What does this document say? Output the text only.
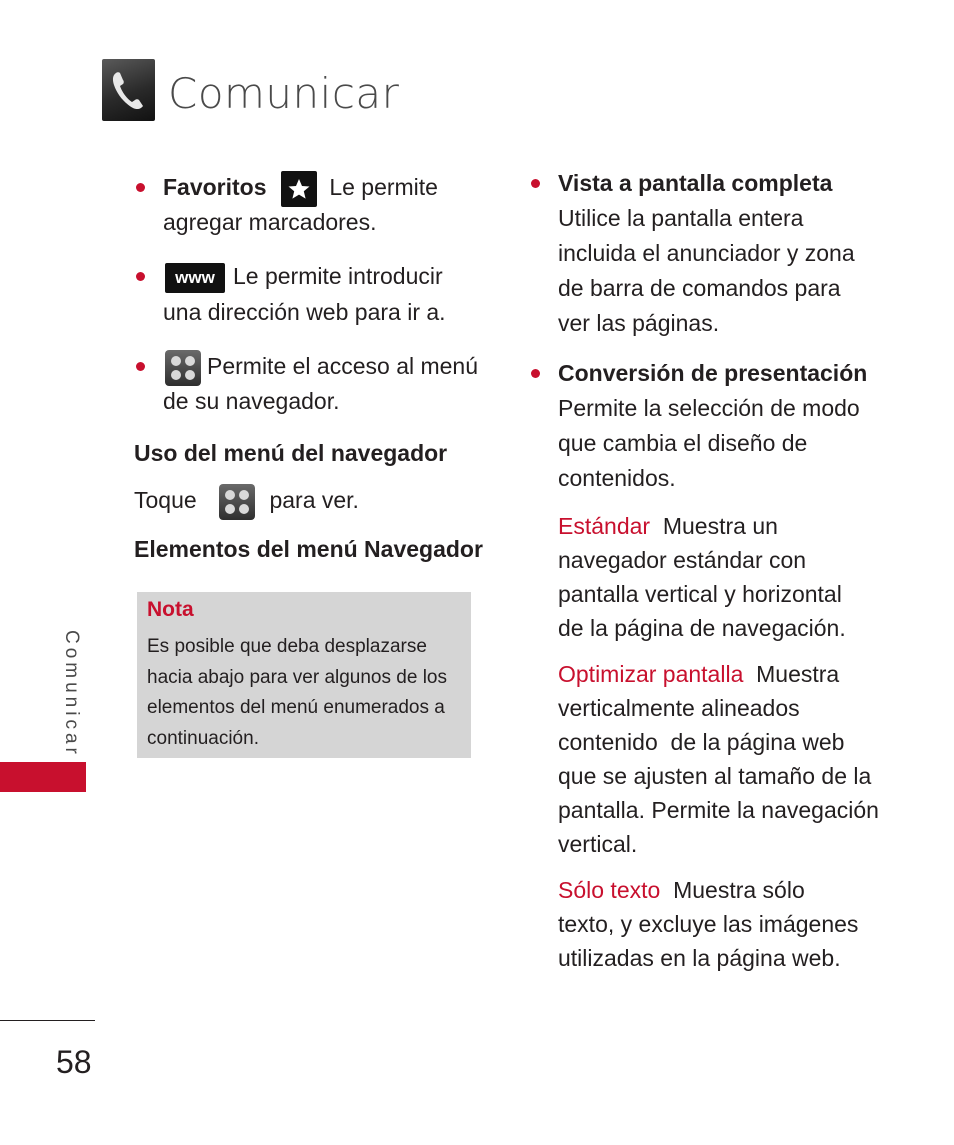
Comunicar
Favoritos	Le permite
agregar marcadores.
www Le permite introducir
una dirección web para ir a.
Permite el acceso al menú
de su navegador.
Uso del menú del navegador
Toque	para ver.
Elementos del menú Navegador
Nota
Es posible que deba desplazarse
hacia abajo para ver algunos de los
elementos del menú enumerados a
continuación.
Vista a pantalla completa
Utilice la pantalla entera
incluida el anunciador y zona
de barra de comandos para
ver las páginas.
Conversión de presentación
Permite la selección de modo
que cambia el diseño de
contenidos.
Estándar Muestra un
navegador estándar con
pantalla vertical y horizontal
de la página de navegación.
Optimizar pantalla Muestra
verticalmente alineados
contenido  de la página web
que se ajusten al tamaño de la
pantalla. Permite la navegación
vertical.
Sólo texto Muestra sólo
texto, y excluye las imágenes
utilizadas en la página web.
Comunicar
58
